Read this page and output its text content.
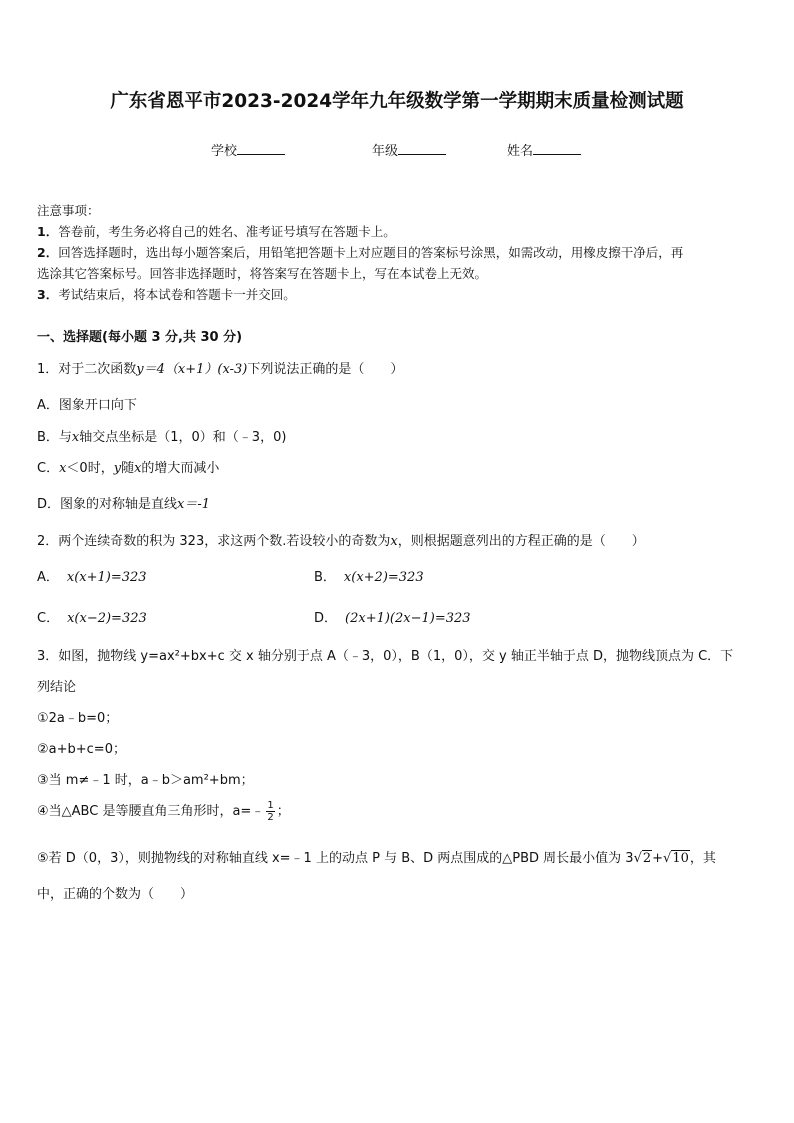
广东省恩平市2023-2024学年九年级数学第一学期期末质量检测试题
学校	年级	姓名
注意事项：
1．答卷前，考生务必将自己的姓名、准考证号填写在答题卡上。
2．回答选择题时，选出每小题答案后，用铅笔把答题卡上对应题目的答案标号涂黑，如需改动，用橡皮擦干净后，再
选涂其它答案标号。回答非选择题时，将答案写在答题卡上，写在本试卷上无效。
3．考试结束后，将本试卷和答题卡一并交回。
一、选择题(每小题 3 分,共 30 分)
1．对于二次函数y＝4（x+1）(x-3)下列说法正确的是（　　）
A．图象开口向下
B．与x轴交点坐标是（1，0）和（﹣3，0)
C．x＜0时，y随x的增大而减小
D．图象的对称轴是直线x＝-1
2．两个连续奇数的积为 323，求这两个数.若设较小的奇数为x，则根据题意列出的方程正确的是（　　）
A． x(x+1)=323	B． x(x+2)=323
C． x(x−2)=323	D． (2x+1)(2x−1)=323
3．如图，抛物线 y=ax²+bx+c 交 x 轴分别于点 A（﹣3，0），B（1，0），交 y 轴正半轴于点 D，抛物线顶点为 C．下
列结论
①2a﹣b=0；
②a+b+c=0；
③当 m≠﹣1 时，a﹣b＞am²+bm；
④当△ABC 是等腰直角三角形时，a=﹣ $\frac{1}{2}$ ；
⑤若 D（0，3），则抛物线的对称轴直线 x=﹣1 上的动点 P 与 B、D 两点围成的△PBD 周长最小值为 3√2+√10，其
中，正确的个数为（　　）
